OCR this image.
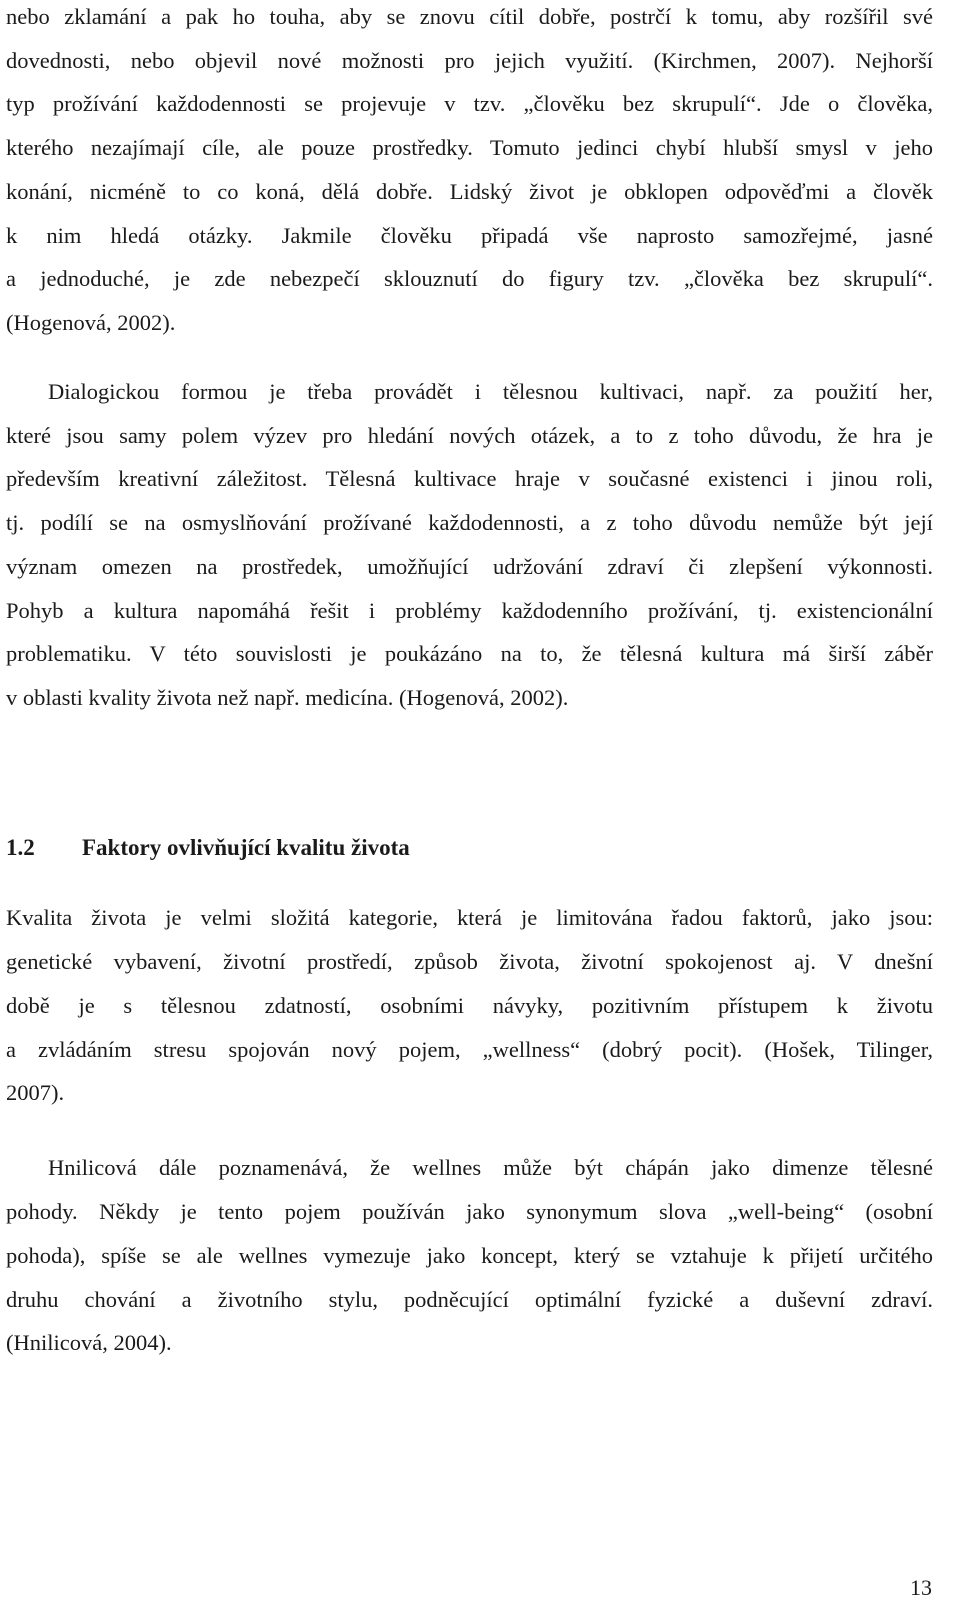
nebo zklamání a pak ho touha, aby se znovu cítil dobře, postrčí k tomu, aby rozšířil své
dovednosti, nebo objevil nové možnosti pro jejich využití. (Kirchmen, 2007). Nejhorší
typ prožívání každodennosti se projevuje v tzv. „člověku bez skrupulí“. Jde o člověka,
kterého nezajímají cíle, ale pouze prostředky. Tomuto jedinci chybí hlubší smysl v jeho
konání, nicméně to co koná, dělá dobře. Lidský život je obklopen odpověďmi a člověk
k nim hledá otázky. Jakmile člověku připadá vše naprosto samozřejmé, jasné
a jednoduché, je zde nebezpečí sklouznutí do figury tzv. „člověka bez skrupulí“.
(Hogenová, 2002).
Dialogickou formou je třeba provádět i tělesnou kultivaci, např. za použití her,
které jsou samy polem výzev pro hledání nových otázek, a to z toho důvodu, že hra je
především kreativní záležitost. Tělesná kultivace hraje v současné existenci i jinou roli,
tj. podílí se na osmyslňování prožívané každodennosti, a z toho důvodu nemůže být její
význam omezen na prostředek, umožňující udržování zdraví či zlepšení výkonnosti.
Pohyb a kultura napomáhá řešit i problémy každodenního prožívání, tj. existencionální
problematiku. V této souvislosti je poukázáno na to, že tělesná kultura má širší záběr
v oblasti kvality života než např. medicína. (Hogenová, 2002).
1.2 Faktory ovlivňující kvalitu života
Kvalita života je velmi složitá kategorie, která je limitována řadou faktorů, jako jsou:
genetické vybavení, životní prostředí, způsob života, životní spokojenost aj. V dnešní
době je s tělesnou zdatností, osobními návyky, pozitivním přístupem k životu
a zvládáním stresu spojován nový pojem, „wellness“ (dobrý pocit). (Hošek, Tilinger,
2007).
Hnilicová dále poznamenává, že wellnes může být chápán jako dimenze tělesné
pohody. Někdy je tento pojem používán jako synonymum slova „well-being“ (osobní
pohoda), spíše se ale wellnes vymezuje jako koncept, který se vztahuje k přijetí určitého
druhu chování a životního stylu, podněcující optimální fyzické a duševní zdraví.
(Hnilicová, 2004).
13
